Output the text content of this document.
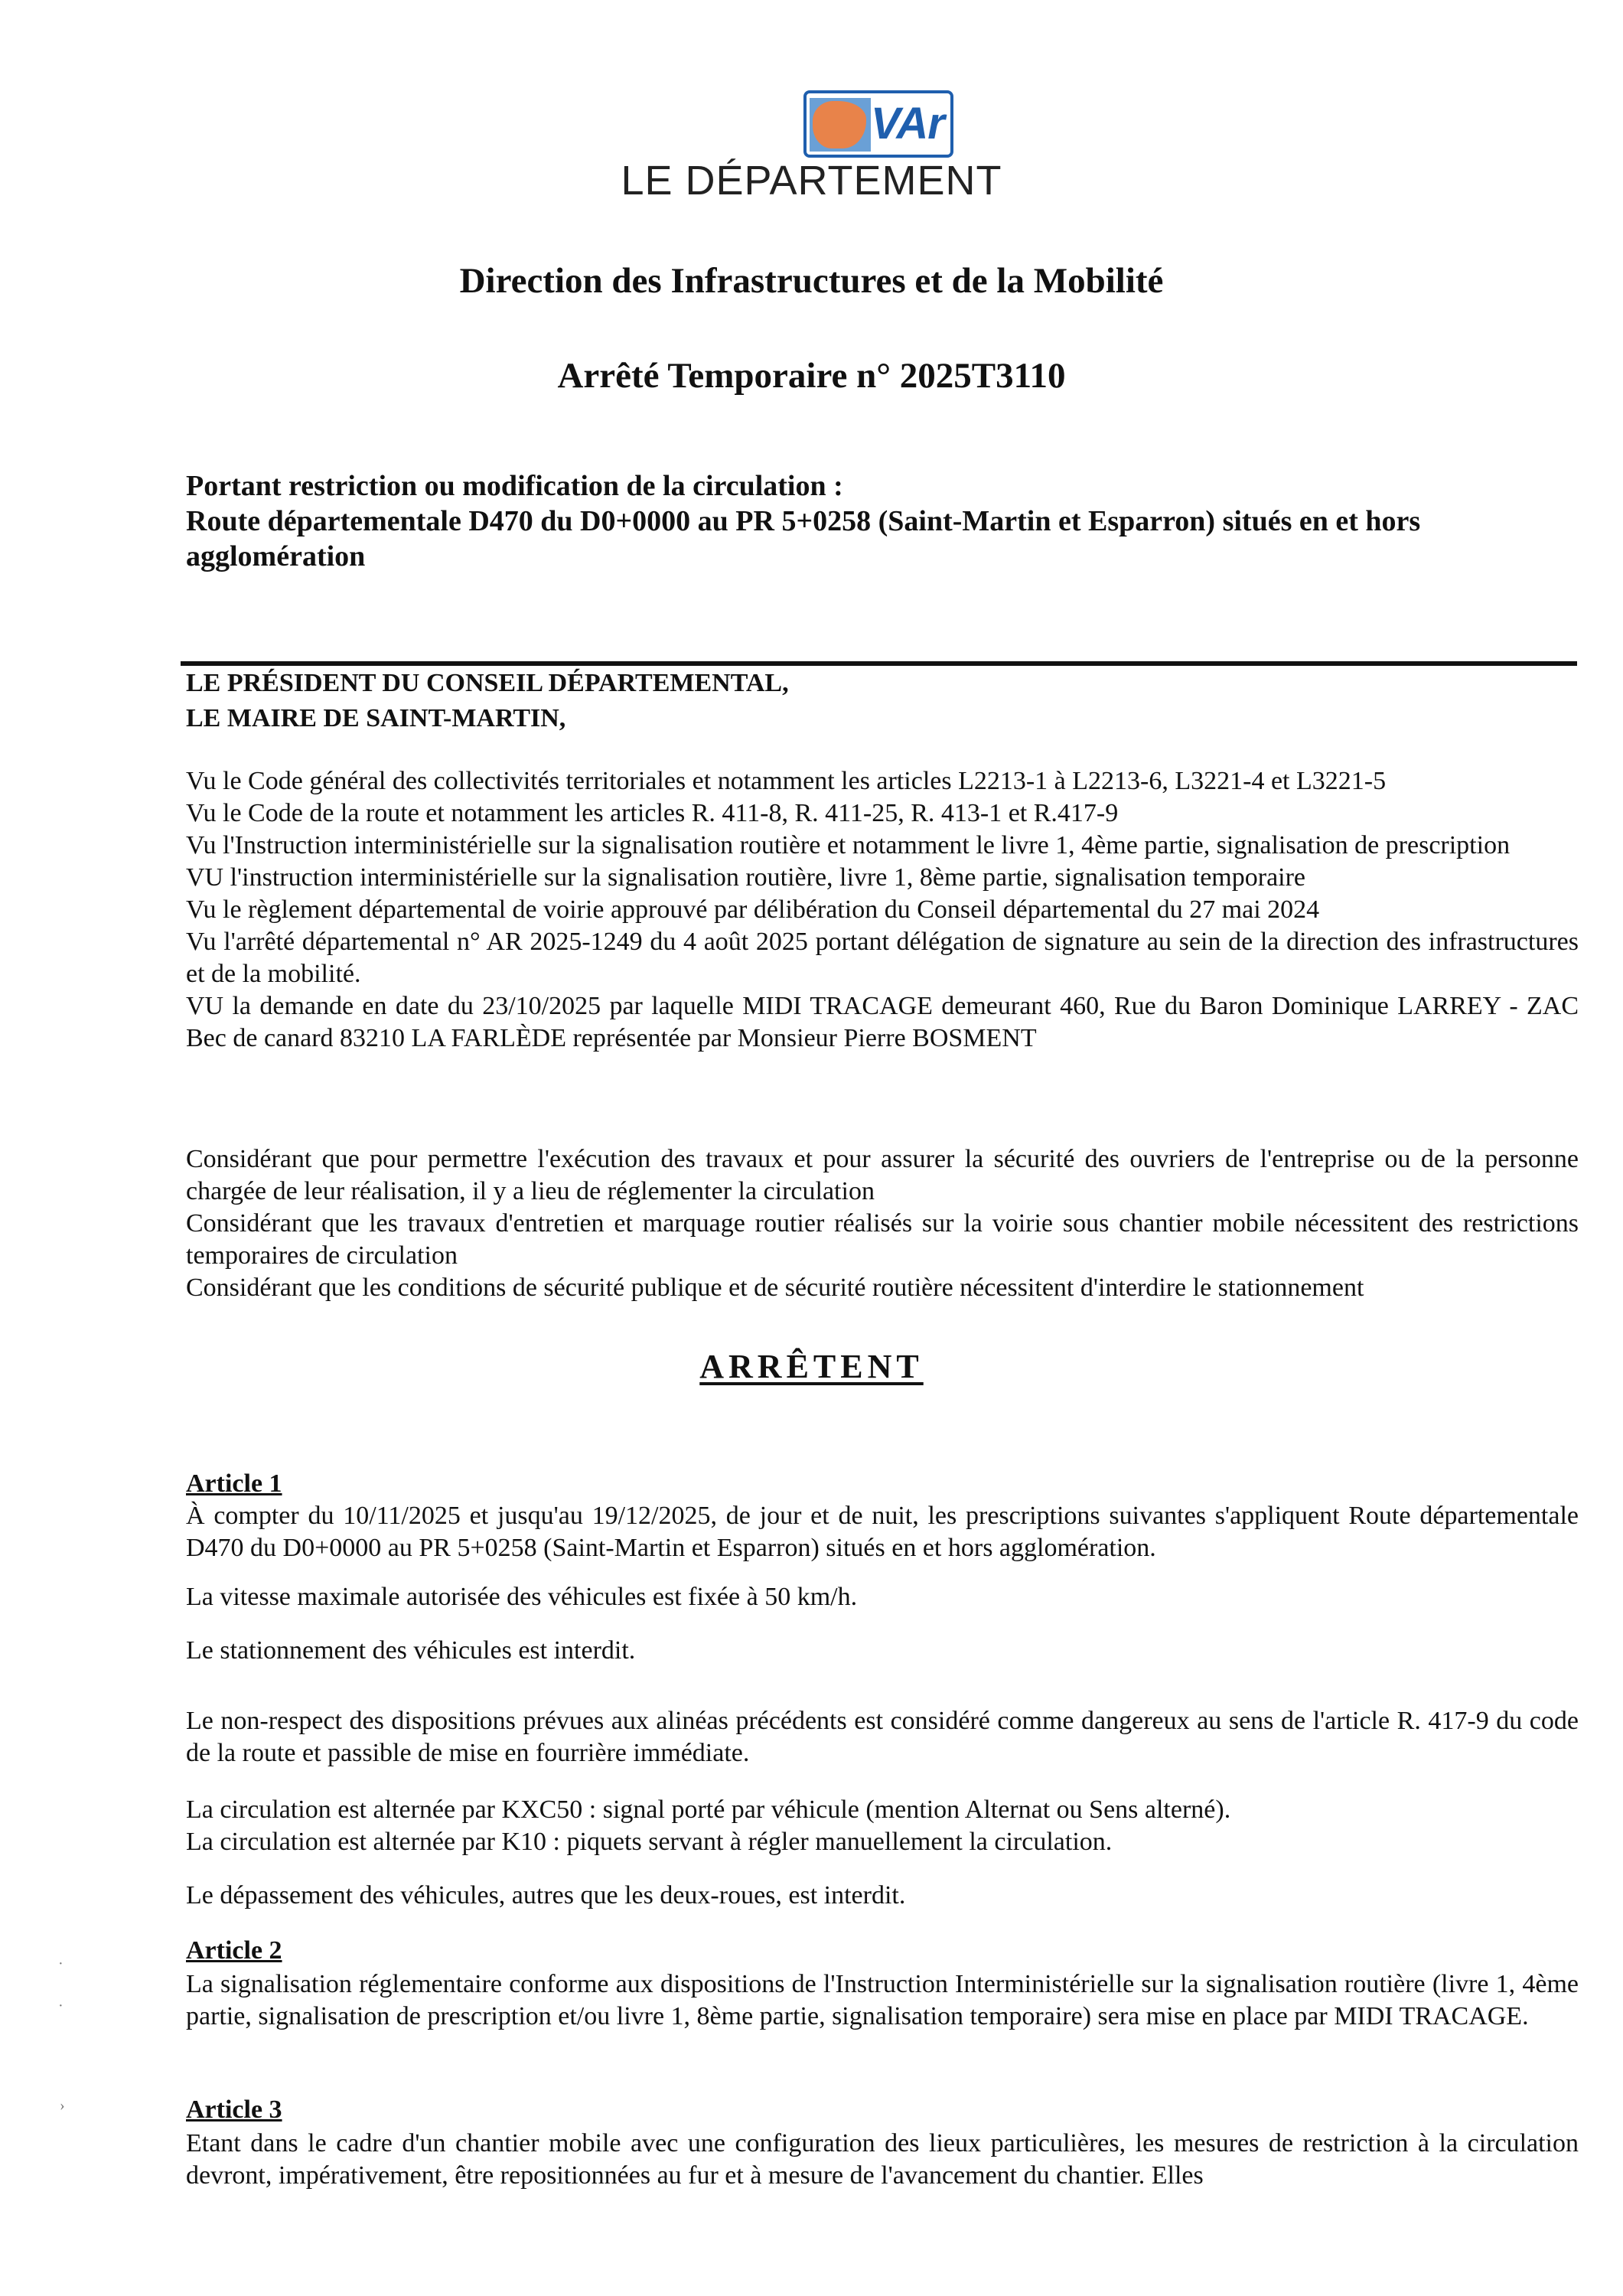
VAr
LE DÉPARTEMENT
Direction des Infrastructures et de la Mobilité
Arrêté Temporaire n° 2025T3110
Portant restriction ou modification de la circulation :
Route départementale D470 du D0+0000 au PR 5+0258 (Saint-Martin et Esparron) situés en et hors agglomération
LE PRÉSIDENT DU CONSEIL DÉPARTEMENTAL,
LE MAIRE DE SAINT-MARTIN,

Vu le Code général des collectivités territoriales et notamment les articles L2213-1 à L2213-6, L3221-4 et L3221-5

Vu le Code de la route et notamment les articles R. 411-8, R. 411-25, R. 413-1 et R.417-9

Vu l'Instruction interministérielle sur la signalisation routière et notamment le livre 1, 4ème partie, signalisation de prescription

VU l'instruction interministérielle sur la signalisation routière, livre 1, 8ème partie, signalisation temporaire

Vu le règlement départemental de voirie approuvé par délibération du Conseil départemental du 27 mai 2024

Vu l'arrêté départemental n° AR 2025-1249 du 4 août 2025 portant délégation de signature au sein de la direction des infrastructures et de la mobilité.

VU la demande en date du 23/10/2025 par laquelle MIDI TRACAGE demeurant 460, Rue du Baron Dominique LARREY - ZAC Bec de canard 83210 LA FARLÈDE représentée par Monsieur Pierre BOSMENT

Considérant que pour permettre l'exécution des travaux et pour assurer la sécurité des ouvriers de l'entreprise ou de la personne chargée de leur réalisation, il y a lieu de réglementer la circulation

Considérant que les travaux d'entretien et marquage routier réalisés sur la voirie sous chantier mobile nécessitent des restrictions temporaires de circulation

Considérant que les conditions de sécurité publique et de sécurité routière nécessitent d'interdire le stationnement

ARRÊTENT
Article 1

À compter du 10/11/2025 et jusqu'au 19/12/2025, de jour et de nuit, les prescriptions suivantes s'appliquent Route départementale D470 du D0+0000 au PR 5+0258 (Saint-Martin et Esparron) situés en et hors agglomération.

La vitesse maximale autorisée des véhicules est fixée à 50 km/h.

Le stationnement des véhicules est interdit.

Le non-respect des dispositions prévues aux alinéas précédents est considéré comme dangereux au sens de l'article R. 417-9 du code de la route et passible de mise en fourrière immédiate.

La circulation est alternée par KXC50 : signal porté par véhicule (mention Alternat ou Sens alterné).

La circulation est alternée par K10 : piquets servant à régler manuellement la circulation.

Le dépassement des véhicules, autres que les deux-roues, est interdit.

Article 2

La signalisation réglementaire conforme aux dispositions de l'Instruction Interministérielle sur la signalisation routière (livre 1, 4ème partie, signalisation de prescription et/ou livre 1, 8ème partie, signalisation temporaire) sera mise en place par MIDI TRACAGE.

Article 3

Etant dans le cadre d'un chantier mobile avec une configuration des lieux particulières, les mesures de restriction à la circulation devront, impérativement, être repositionnées au fur et à mesure de l'avancement du chantier. Elles

·
·
›
